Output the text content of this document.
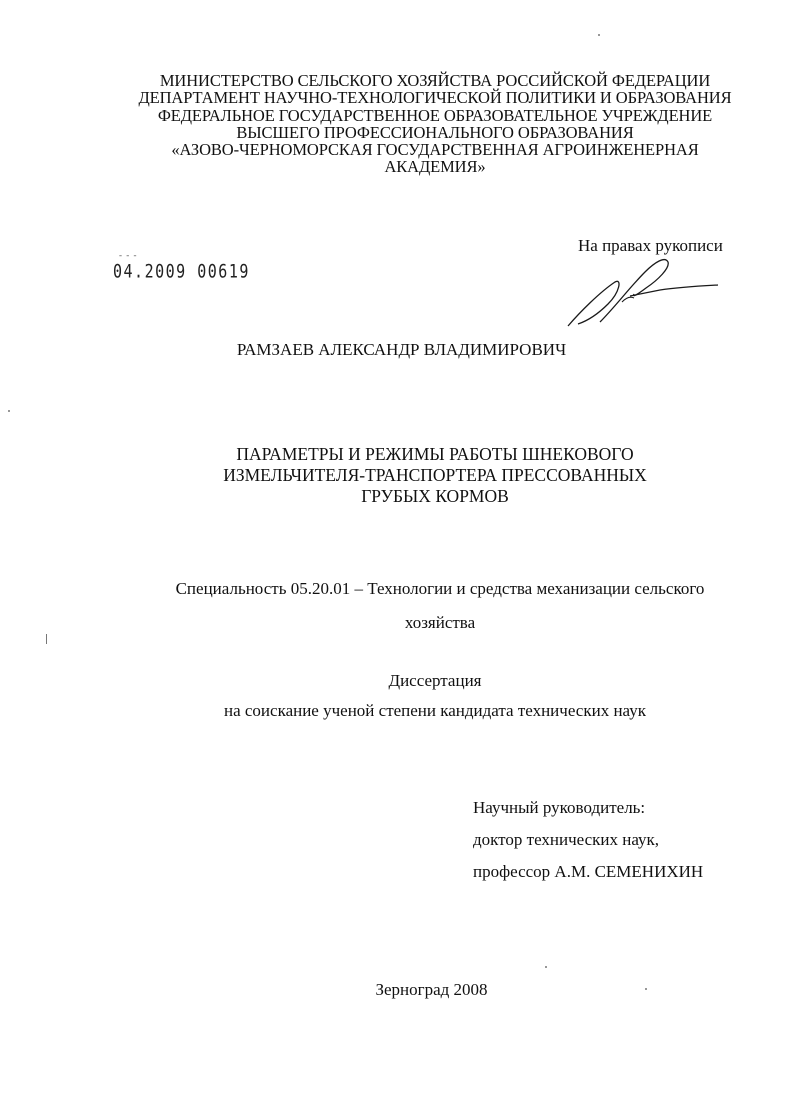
МИНИСТЕРСТВО СЕЛЬСКОГО ХОЗЯЙСТВА РОССИЙСКОЙ ФЕДЕРАЦИИ
ДЕПАРТАМЕНТ НАУЧНО-ТЕХНОЛОГИЧЕСКОЙ ПОЛИТИКИ И ОБРАЗОВАНИЯ
ФЕДЕРАЛЬНОЕ ГОСУДАРСТВЕННОЕ ОБРАЗОВАТЕЛЬНОЕ УЧРЕЖДЕНИЕ
ВЫСШЕГО ПРОФЕССИОНАЛЬНОГО ОБРАЗОВАНИЯ
«АЗОВО-ЧЕРНОМОРСКАЯ ГОСУДАРСТВЕННАЯ АГРОИНЖЕНЕРНАЯ
АКАДЕМИЯ»
На правах рукописи
- - -
04.2009 00619
РАМЗАЕВ АЛЕКСАНДР ВЛАДИМИРОВИЧ
ПАРАМЕТРЫ И РЕЖИМЫ РАБОТЫ ШНЕКОВОГО
ИЗМЕЛЬЧИТЕЛЯ-ТРАНСПОРТЕРА ПРЕССОВАННЫХ
ГРУБЫХ КОРМОВ
Специальность 05.20.01 – Технологии и средства механизации сельского
хозяйства
Диссертация
на соискание ученой степени кандидата технических наук
Научный руководитель:
доктор технических наук,
профессор А.М. СЕМЕНИХИН
Зерноград 2008
